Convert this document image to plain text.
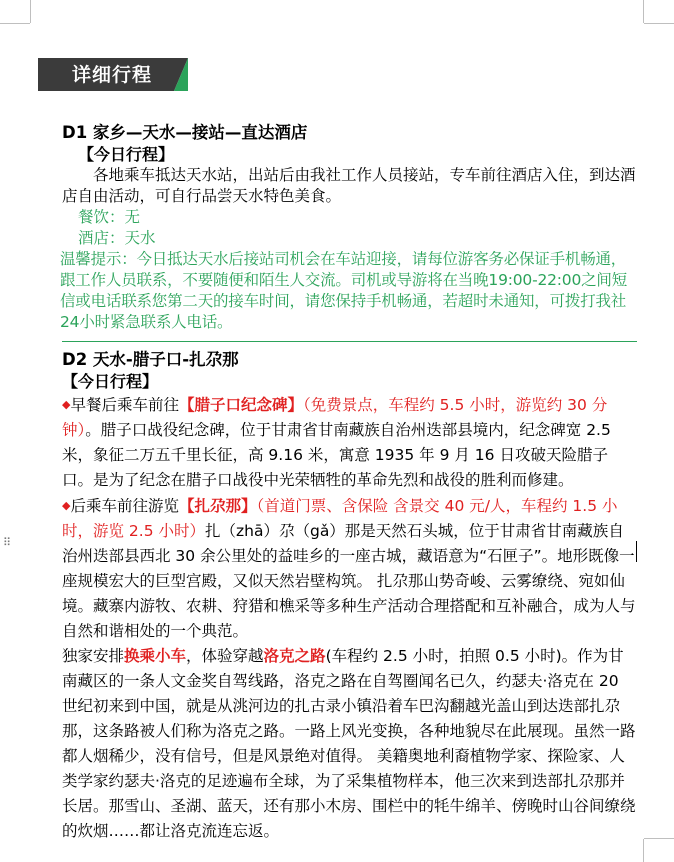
详细行程
⠿
D1 家乡—天水—接站—直达酒店
【今日行程】
各地乘车抵达天水站，出站后由我社工作人员接站，专车前往酒店入住，到达酒店自由活动，可自行品尝天水特色美食。
餐饮：无
酒店：天水
温馨提示：今日抵达天水后接站司机会在车站迎接，请每位游客务必保证手机畅通，跟工作人员联系，不要随便和陌生人交流。司机或导游将在当晚19:00-22:00之间短信或电话联系您第二天的接车时间，请您保持手机畅通，若超时未通知，可拨打我社24小时紧急联系人电话。
D2 天水-腊子口-扎尕那
【今日行程】
◆早餐后乘车前往【腊子口纪念碑】（免费景点，车程约 5.5 小时，游览约 30 分钟）。腊子口战役纪念碑，位于甘肃省甘南藏族自治州迭部县境内，纪念碑宽 2.5 米，象征二万五千里长征，高 9.16 米，寓意 1935 年 9 月 16 日攻破天险腊子口。是为了纪念在腊子口战役中光荣牺牲的革命先烈和战役的胜利而修建。
◆后乘车前往游览【扎尕那】（首道门票、含保险 含景交 40 元/人，车程约 1.5 小时，游览 2.5 小时）扎（zhā）尕（gǎ）那是天然石头城，位于甘肃省甘南藏族自治州迭部县西北 30 余公里处的益哇乡的一座古城，藏语意为“石匣子”。地形既像一座规模宏大的巨型宫殿，又似天然岩壁构筑。 扎尕那山势奇峻、云雾缭绕、宛如仙境。藏寨内游牧、农耕、狩猎和樵采等多种生产活动合理搭配和互补融合，成为人与自然和谐相处的一个典范。
独家安排换乘小车，体验穿越洛克之路(车程约 2.5 小时，拍照 0.5 小时)。作为甘南藏区的一条人文金奖自驾线路，洛克之路在自驾圈闻名已久，约瑟夫·洛克在 20 世纪初来到中国，就是从洮河边的扎古录小镇沿着车巴沟翻越光盖山到达迭部扎尕那，这条路被人们称为洛克之路。一路上风光变换，各种地貌尽在此展现。虽然一路都人烟稀少，没有信号，但是风景绝对值得。 美籍奥地利裔植物学家、探险家、人类学家约瑟夫·洛克的足迹遍布全球，为了采集植物样本，他三次来到迭部扎尕那并长居。那雪山、圣湖、蓝天，还有那小木房、围栏中的牦牛绵羊、傍晚时山谷间缭绕的炊烟……都让洛克流连忘返。
